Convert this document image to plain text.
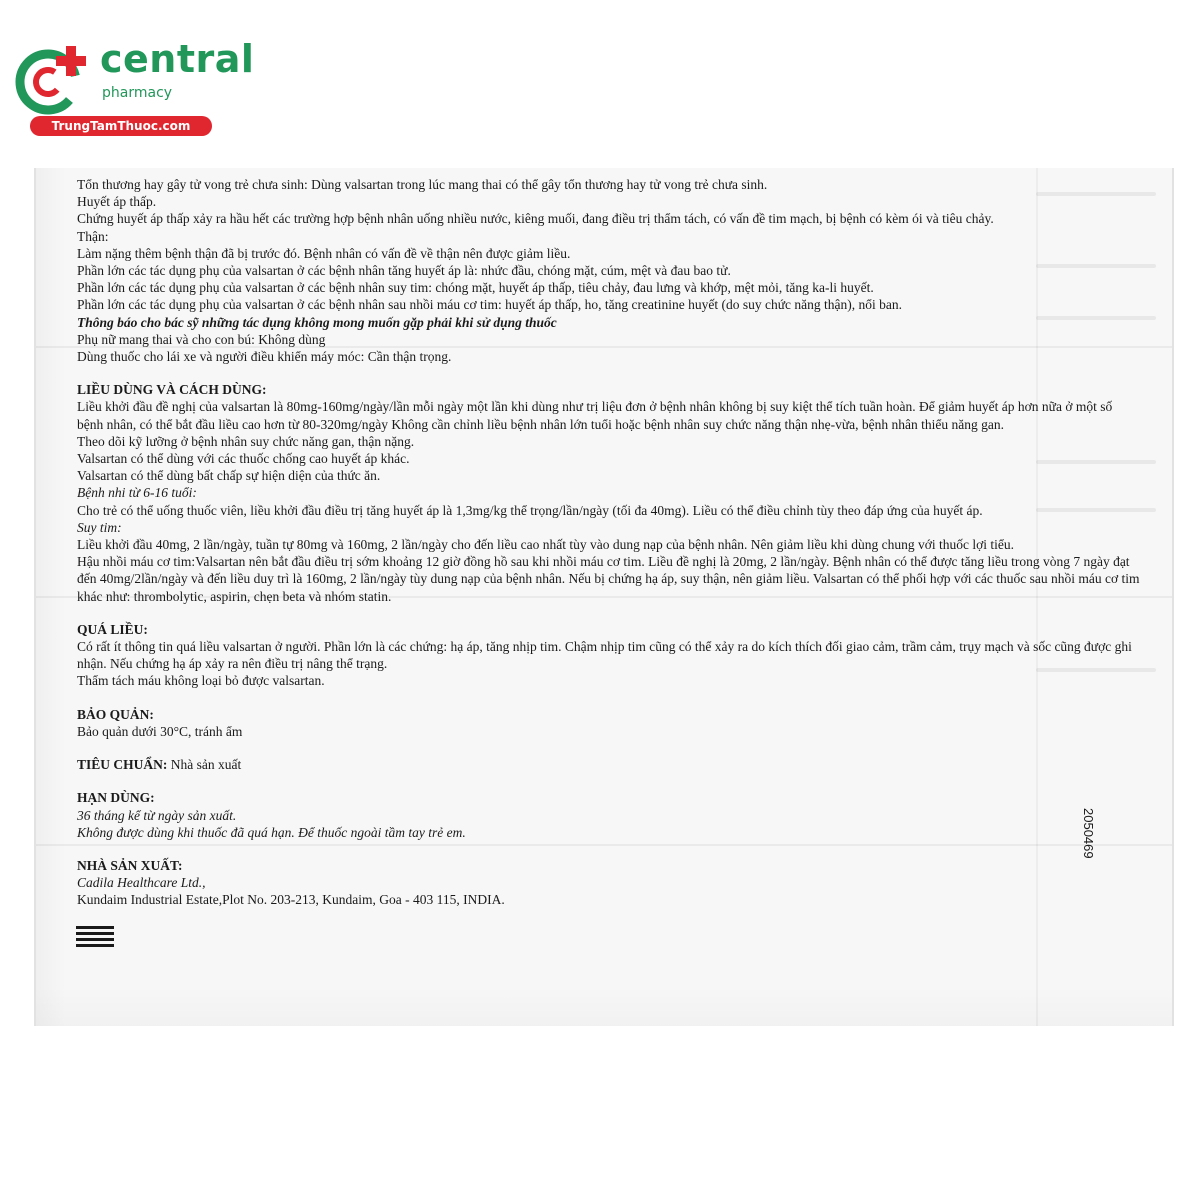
central
pharmacy
TrungTamThuoc.com

Tổn thương hay gây tử vong trẻ chưa sinh: Dùng valsartan trong lúc mang thai có thể gây tổn thương hay tử vong trẻ chưa sinh.

Huyết áp thấp.

Chứng huyết áp thấp xảy ra hầu hết các trường hợp bệnh nhân uống nhiều nước, kiêng muối, đang điều trị thẩm tách, có vấn đề tim mạch, bị bệnh có kèm ói và tiêu chảy.

Thận:

Làm nặng thêm bệnh thận đã bị trước đó. Bệnh nhân có vấn đề về thận nên được giảm liều.

Phần lớn các tác dụng phụ của valsartan ở các bệnh nhân tăng huyết áp là: nhức đầu, chóng mặt, cúm, mệt và đau bao tử.

Phần lớn các tác dụng phụ của valsartan ở các bệnh nhân suy tim: chóng mặt, huyết áp thấp, tiêu chảy, đau lưng và khớp, mệt mỏi, tăng ka-li huyết.

Phần lớn các tác dụng phụ của valsartan ở các bệnh nhân sau nhồi máu cơ tim: huyết áp thấp, ho, tăng creatinine huyết (do suy chức năng thận), nổi ban.

Thông báo cho bác sỹ những tác dụng không mong muốn gặp phải khi sử dụng thuốc

Phụ nữ mang thai và cho con bú: Không dùng

Dùng thuốc cho lái xe và người điều khiển máy móc: Cần thận trọng.

LIỀU DÙNG VÀ CÁCH DÙNG:

Liều khởi đầu đề nghị của valsartan là 80mg-160mg/ngày/lần mỗi ngày một lần khi dùng như trị liệu đơn ở bệnh nhân không bị suy kiệt thể tích tuần hoàn. Để giảm huyết áp hơn nữa ở một số bệnh nhân, có thể bắt đầu liều cao hơn từ 80-320mg/ngày Không cần chỉnh liều bệnh nhân lớn tuổi hoặc bệnh nhân suy chức năng thận nhẹ-vừa, bệnh nhân thiểu năng gan.

Theo dõi kỹ lưỡng ở bệnh nhân suy chức năng gan, thận nặng.

Valsartan có thể dùng với các thuốc chống cao huyết áp khác.

Valsartan có thể dùng bất chấp sự hiện diện của thức ăn.

Bệnh nhi từ 6-16 tuổi:

Cho trẻ có thể uống thuốc viên, liều khởi đầu điều trị tăng huyết áp là 1,3mg/kg thể trọng/lần/ngày (tối đa 40mg). Liều có thể điều chỉnh tùy theo đáp ứng của huyết áp.

Suy tim:

Liều khởi đầu 40mg, 2 lần/ngày, tuần tự 80mg và 160mg, 2 lần/ngày cho đến liều cao nhất tùy vào dung nạp của bệnh nhân. Nên giảm liều khi dùng chung với thuốc lợi tiểu.

Hậu nhồi máu cơ tim:Valsartan nên bắt đầu điều trị sớm khoảng 12 giờ đồng hồ sau khi nhồi máu cơ tim. Liều đề nghị là 20mg, 2 lần/ngày. Bệnh nhân có thể được tăng liều trong vòng 7 ngày đạt đến 40mg/2lần/ngày và đến liều duy trì là 160mg, 2 lần/ngày tùy dung nạp của bệnh nhân. Nếu bị chứng hạ áp, suy thận, nên giảm liều. Valsartan có thể phối hợp với các thuốc sau nhồi máu cơ tim khác như: thrombolytic, aspirin, chẹn beta và nhóm statin.

QUÁ LIỀU:

Có rất ít thông tin quá liều valsartan ở người. Phần lớn là các chứng: hạ áp, tăng nhịp tim. Chậm nhịp tim cũng có thể xảy ra do kích thích đối giao cảm, trầm cảm, trụy mạch và sốc cũng được ghi nhận. Nếu chứng hạ áp xảy ra nên điều trị nâng thể trạng.

Thẩm tách máu không loại bỏ được valsartan.

BẢO QUẢN:

Bảo quản dưới 30°C, tránh ẩm

TIÊU CHUẨN: Nhà sản xuất

HẠN DÙNG:

36 tháng kể từ ngày sản xuất.

Không được dùng khi thuốc đã quá hạn. Để thuốc ngoài tầm tay trẻ em.

NHÀ SẢN XUẤT:

Cadila Healthcare Ltd.,

Kundaim Industrial Estate,Plot No. 203-213, Kundaim, Goa - 403 115, INDIA.

2050469
